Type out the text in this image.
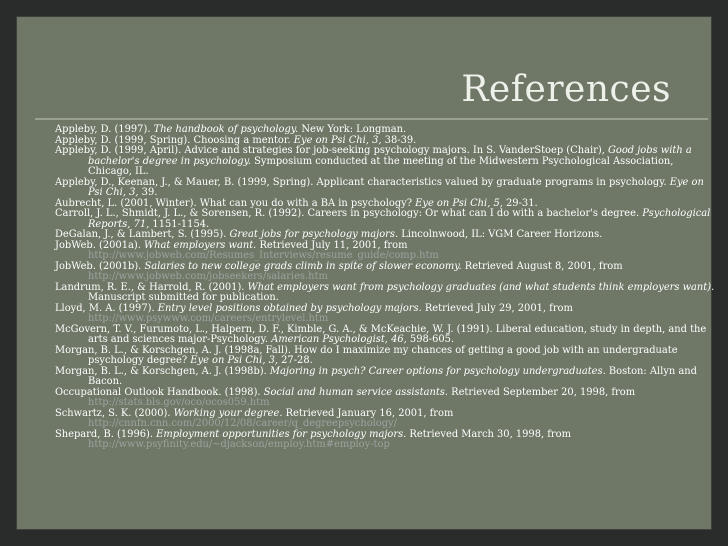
References

Appleby, D. (1997). The handbook of psychology. New York: Longman.

Appleby, D. (1999, Spring). Choosing a mentor. Eye on Psi Chi, 3, 38-39.

Appleby, D. (1999, April). Advice and strategies for job-seeking psychology majors. In S. VanderStoep (Chair), Good jobs with a bachelor's degree in psychology. Symposium conducted at the meeting of the Midwestern Psychological Association, Chicago, IL.

Appleby, D., Keenan, J., & Mauer, B. (1999, Spring). Applicant characteristics valued by graduate programs in psychology. Eye on Psi Chi, 3, 39.

Aubrecht, L. (2001, Winter). What can you do with a BA in psychology? Eye on Psi Chi, 5, 29-31.

Carroll, J. L., Shmidt, J. L., & Sorensen, R. (1992). Careers in psychology: Or what can I do with a bachelor's degree. Psychological Reports, 71, 1151-1154.

DeGalan, J., & Lambert, S. (1995). Great jobs for psychology majors. Lincolnwood, IL: VGM Career Horizons.

JobWeb. (2001a). What employers want. Retrieved July 11, 2001, from
http://www.jobweb.com/Resumes_Interviews/resume_guide/comp.htm

JobWeb. (2001b). Salaries to new college grads climb in spite of slower economy. Retrieved August 8, 2001, from
http://www.jobweb.com/jobseekers/salaries.htm

Landrum, R. E., & Harrold, R. (2001). What employers want from psychology graduates (and what students think employers want). Manuscript submitted for publication.

Lloyd, M. A. (1997). Entry level positions obtained by psychology majors. Retrieved July 29, 2001, from
http://www.psywww.com/careers/entrylevel.htm

McGovern, T. V., Furumoto, L., Halpern, D. F., Kimble, G. A., & McKeachie, W. J. (1991). Liberal education, study in depth, and the arts and sciences major-Psychology. American Psychologist, 46, 598-605.

Morgan, B. L., & Korschgen, A. J. (1998a, Fall). How do I maximize my chances of getting a good job with an undergraduate psychology degree? Eye on Psi Chi, 3, 27-28.

Morgan, B. L., & Korschgen, A. J. (1998b). Majoring in psych? Career options for psychology undergraduates. Boston: Allyn and Bacon.

Occupational Outlook Handbook. (1998). Social and human service assistants. Retrieved September 20, 1998, from
http://stats.bls.gov/oco/ocos059.htm

Schwartz, S. K. (2000). Working your degree. Retrieved January 16, 2001, from
http://cnnfn.cnn.com/2000/12/08/career/q_degreepsychology/

Shepard, B. (1996). Employment opportunities for psychology majors. Retrieved March 30, 1998, from
http://www.psyfinity.edu/~djackson/employ.htm#employ-top
